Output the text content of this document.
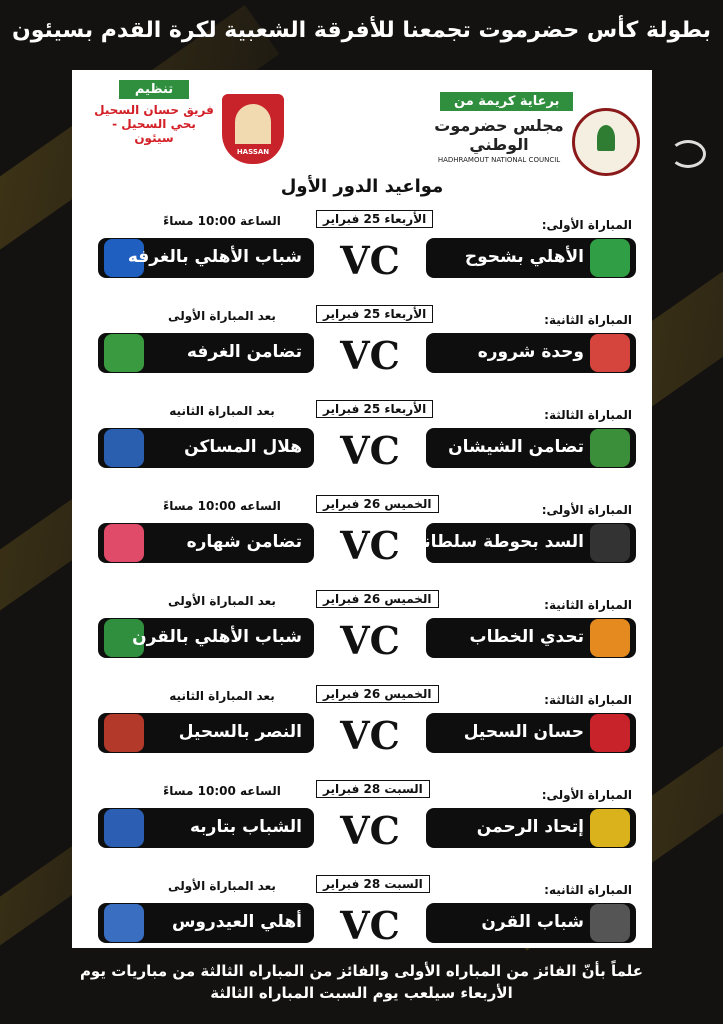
بطولة كأس حضرموت تجمعنا للأفرقة الشعبية لكرة القدم بسيئون
تنظيم
فريق حسان السحيل
بحي السحيل - سيئون
HASSAN
برعاية كريمة من
مجلس حضرموت الوطني
HADHRAMOUT NATIONAL COUNCIL
مواعيد الدور الأول
المباراة الأولى:
الأربعاء 25 فبراير
الساعة 10:00 مساءً
الأهلي بشحوح
VC
شباب الأهلي بالغرفه
المباراة الثانية:
الأربعاء 25 فبراير
بعد المباراة الأولى
وحدة شروره
VC
تضامن الغرفه
المباراة الثالثة:
الأربعاء 25 فبراير
بعد المباراة الثانيه
تضامن الشيشان
VC
هلال المساكن
المباراة الأولى:
الخميس 26 فبراير
الساعه 10:00 مساءً
السد بحوطة سلطانه
VC
تضامن شهاره
المباراة الثانية:
الخميس 26 فبراير
بعد المباراة الأولى
تحدي الخطاب
VC
شباب الأهلي بالقرن
المباراة الثالثة:
الخميس 26 فبراير
بعد المباراة الثانيه
حسان السحيل
VC
النصر بالسحيل
المباراة الأولى:
السبت 28 فبراير
الساعه 10:00 مساءً
إتحاد الرحمن
VC
الشباب بتاربه
المباراة الثانيه:
السبت 28 فبراير
بعد المباراة الأولى
شباب القرن
VC
أهلي العيدروس
علماً بأنّ الفائز من المباراه الأولى والفائز من المباراه الثالثة من مباريات يوم
الأربعاء سيلعب يوم السبت المباراه الثالثة
